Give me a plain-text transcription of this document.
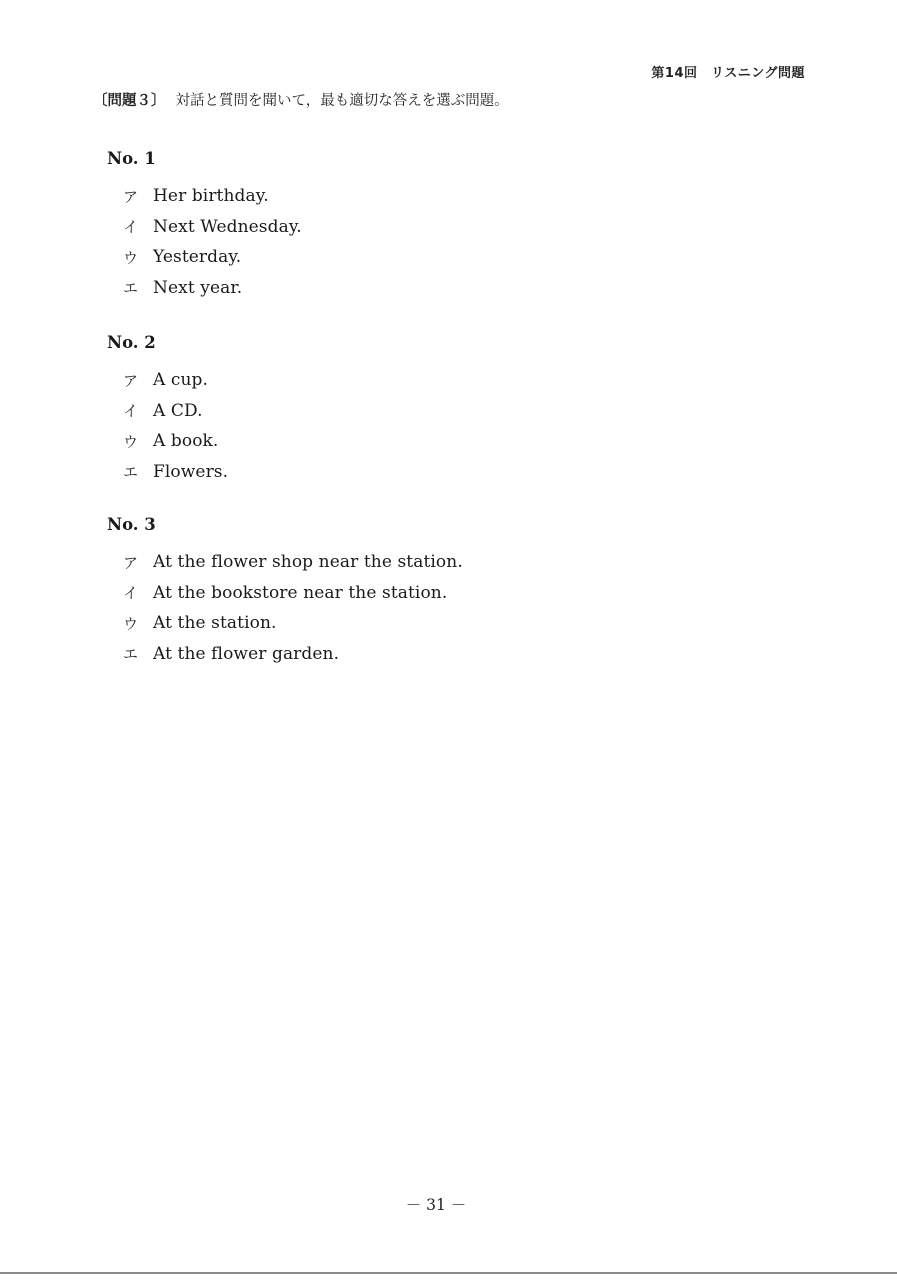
第14回　リスニング問題
〔問題３〕 対話と質問を聞いて，最も適切な答えを選ぶ問題。
No. 1
ア Her birthday.
イ Next Wednesday.
ウ Yesterday.
エ Next year.
No. 2
ア A cup.
イ A CD.
ウ A book.
エ Flowers.
No. 3
ア At the flower shop near the station.
イ At the bookstore near the station.
ウ At the station.
エ At the flower garden.
－ 31 －
